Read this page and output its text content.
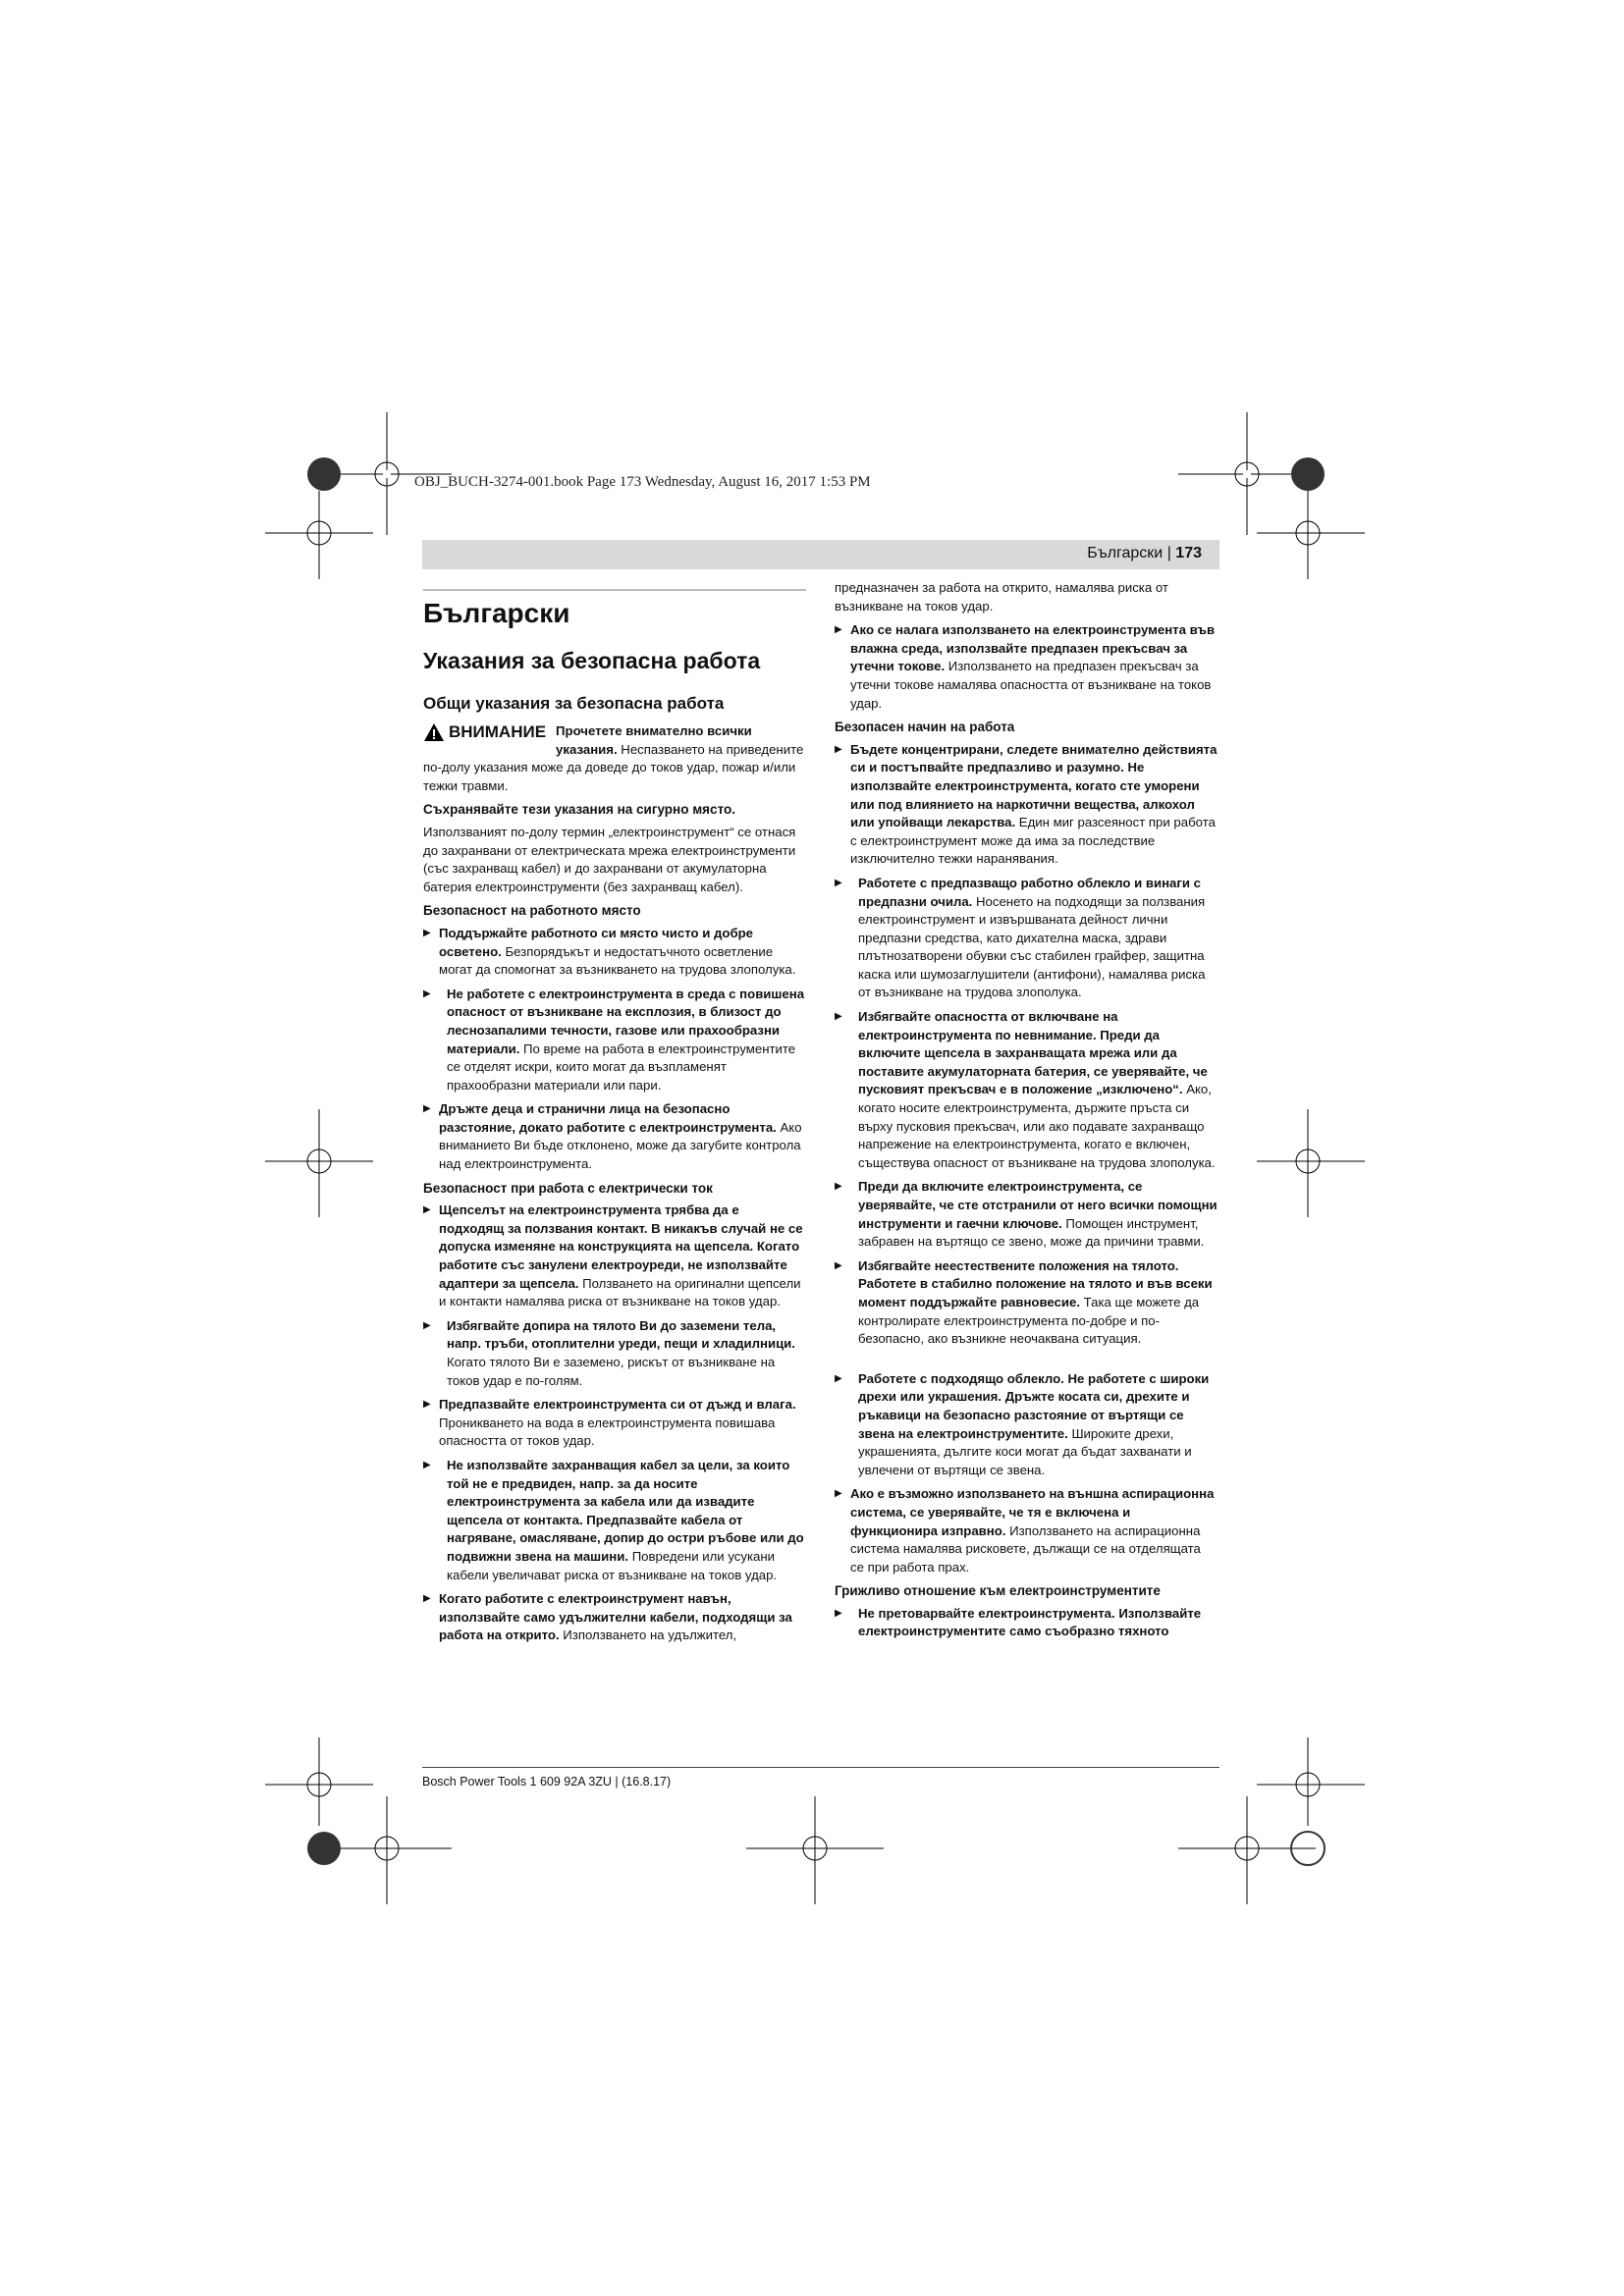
OBJ_BUCH-3274-001.book Page 173 Wednesday, August 16, 2017 1:53 PM
Български | 173
Български
Указания за безопасна работа
Общи указания за безопасна работа

ВНИМАНИЕ Прочетете внимателно всички указания. Неспазването на приведените по-долу указания може да доведе до токов удар, пожар и/или тежки травми.

Съхранявайте тези указания на сигурно място.

Използваният по-долу термин „електроинструмент“ се отнася до захранвани от електрическата мрежа електроинструменти (със захранващ кабел) и до захранвани от акумулаторна батерия електроинструменти (без захранващ кабел).

Безопасност на работното място
▶ Поддържайте работното си място чисто и добре осветено. Безпорядъкът и недостатъчното осветление могат да спомогнат за възникването на трудова злополука.
▶ Не работете с електроинструмента в среда с повишена опасност от възникване на експлозия, в близост до леснозапалими течности, газове или прахообразни материали. По време на работа в електроинструментите се отделят искри, които могат да възпламенят прахообразни материали или пари.
▶ Дръжте деца и странични лица на безопасно разстояние, докато работите с електроинструмента. Ако вниманието Ви бъде отклонено, може да загубите контрола над електроинструмента.
Безопасност при работа с електрически ток
▶ Щепселът на електроинструмента трябва да е подходящ за ползвания контакт. В никакъв случай не се допуска изменяне на конструкцията на щепсела. Когато работите със занулени електроуреди, не използвайте адаптери за щепсела. Ползването на оригинални щепсели и контакти намалява риска от възникване на токов удар.
▶ Избягвайте допира на тялото Ви до заземени тела, напр. тръби, отоплителни уреди, пещи и хладилници. Когато тялото Ви е заземено, рискът от възникване на токов удар е по-голям.
▶ Предпазвайте електроинструмента си от дъжд и влага. Проникването на вода в електроинструмента повишава опасността от токов удар.
▶ Не използвайте захранващия кабел за цели, за които той не е предвиден, напр. за да носите електроинструмента за кабела или да извадите щепсела от контакта. Предпазвайте кабела от нагряване, омасляване, допир до остри ръбове или до подвижни звена на машини. Повредени или усукани кабели увеличават риска от възникване на токов удар.
▶ Когато работите с електроинструмент навън, използвайте само удължителни кабели, подходящи за работа на открито. Използването на удължител,

предназначен за работа на открито, намалява риска от възникване на токов удар.

▶ Ако се налага използването на електроинструмента във влажна среда, използвайте предпазен прекъсвач за утечни токове. Използването на предпазен прекъсвач за утечни токове намалява опасността от възникване на токов удар.
Безопасен начин на работа
▶ Бъдете концентрирани, следете внимателно действията си и постъпвайте предпазливо и разумно. Не използвайте електроинструмента, когато сте уморени или под влиянието на наркотични вещества, алкохол или упойващи лекарства. Един миг разсеяност при работа с електроинструмент може да има за последствие изключително тежки наранявания.
▶ Работете с предпазващо работно облекло и винаги с предпазни очила. Носенето на подходящи за ползвания електроинструмент и извършваната дейност лични предпазни средства, като дихателна маска, здрави плътнозатворени обувки със стабилен грайфер, защитна каска или шумозаглушители (антифони), намалява риска от възникване на трудова злополука.
▶ Избягвайте опасността от включване на електроинструмента по невнимание. Преди да включите щепсела в захранващата мрежа или да поставите акумулаторната батерия, се уверявайте, че пусковият прекъсвач е в положение „изключено“. Ако, когато носите електроинструмента, държите пръста си върху пусковия прекъсвач, или ако подавате захранващо напрежение на електроинструмента, когато е включен, съществува опасност от възникване на трудова злополука.
▶ Преди да включите електроинструмента, се уверявайте, че сте отстранили от него всички помощни инструменти и гаечни ключове. Помощен инструмент, забравен на въртящо се звено, може да причини травми.
▶ Избягвайте неестествените положения на тялото. Работете в стабилно положение на тялото и във всеки момент поддържайте равновесие. Така ще можете да контролирате електроинструмента по-добре и по-безопасно, ако възникне неочаквана ситуация.
▶ Работете с подходящо облекло. Не работете с широки дрехи или украшения. Дръжте косата си, дрехите и ръкавици на безопасно разстояние от въртящи се звена на електроинструментите. Широките дрехи, украшенията, дългите коси могат да бъдат захванати и увлечени от въртящи се звена.
▶ Ако е възможно използването на външна аспирационна система, се уверявайте, че тя е включена и функционира изправно. Използването на аспирационна система намалява рисковете, дължащи се на отделящата се при работа прах.
Грижливо отношение към електроинструментите
▶ Не претоварвайте електроинструмента. Използвайте електроинструментите само съобразно тяхното
Bosch Power Tools 1 609 92A 3ZU | (16.8.17)
